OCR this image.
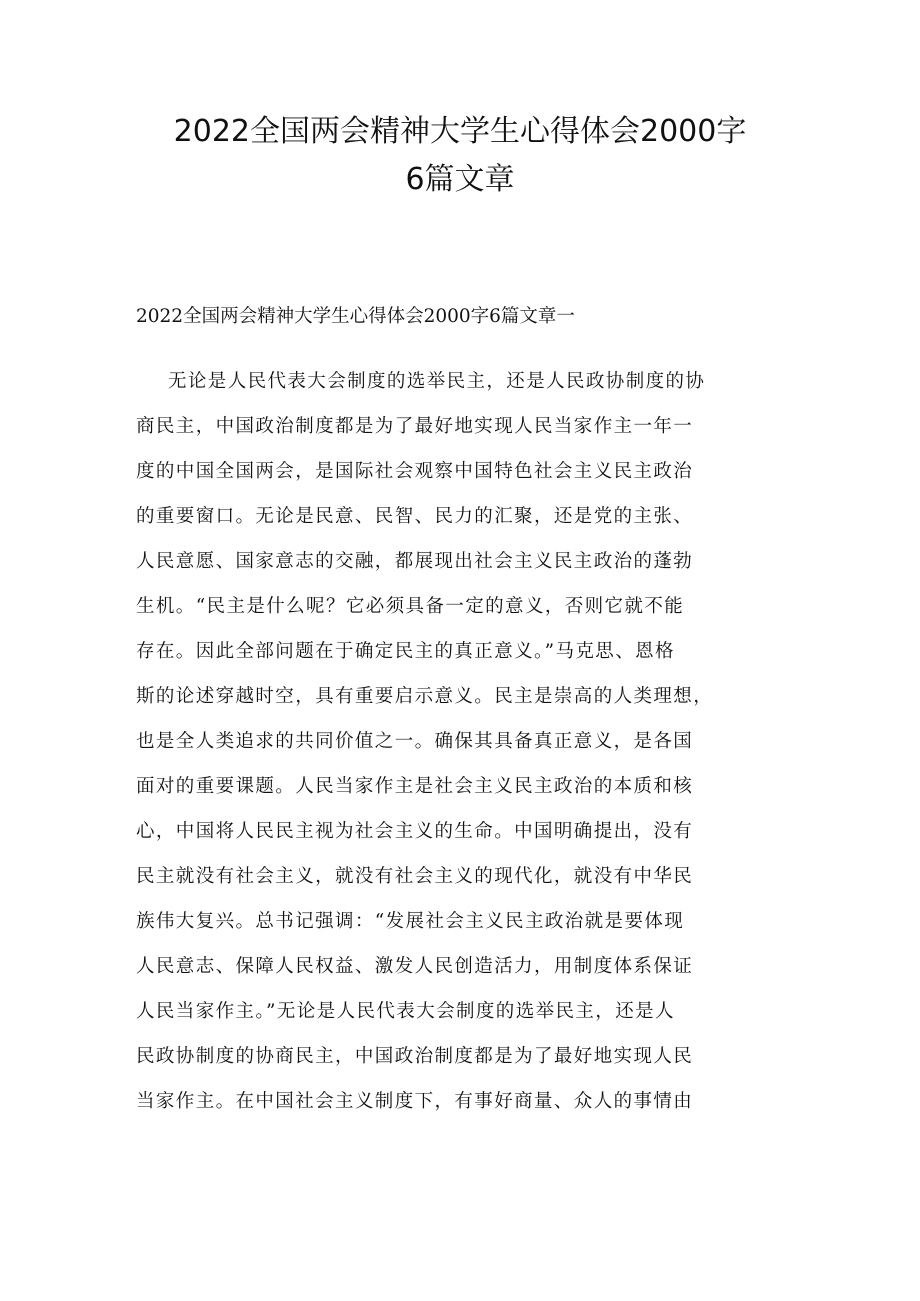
2022全国两会精神大学生心得体会2000字
6篇文章

2022全国两会精神大学生心得体会2000字6篇文章一

无论是人民代表大会制度的选举民主，还是人民政协制度的协

商民主，中国政治制度都是为了最好地实现人民当家作主一年一

度的中国全国两会，是国际社会观察中国特色社会主义民主政治

的重要窗口。无论是民意、民智、民力的汇聚，还是党的主张、

人民意愿、国家意志的交融，都展现出社会主义民主政治的蓬勃

生机。“民主是什么呢？它必须具备一定的意义，否则它就不能

存在。因此全部问题在于确定民主的真正意义。”马克思、恩格

斯的论述穿越时空，具有重要启示意义。民主是崇高的人类理想，

也是全人类追求的共同价值之一。确保其具备真正意义，是各国

面对的重要课题。人民当家作主是社会主义民主政治的本质和核

心，中国将人民民主视为社会主义的生命。中国明确提出，没有

民主就没有社会主义，就没有社会主义的现代化，就没有中华民

族伟大复兴。总书记强调：“发展社会主义民主政治就是要体现

人民意志、保障人民权益、激发人民创造活力，用制度体系保证

人民当家作主。”无论是人民代表大会制度的选举民主，还是人

民政协制度的协商民主，中国政治制度都是为了最好地实现人民

当家作主。在中国社会主义制度下，有事好商量、众人的事情由
